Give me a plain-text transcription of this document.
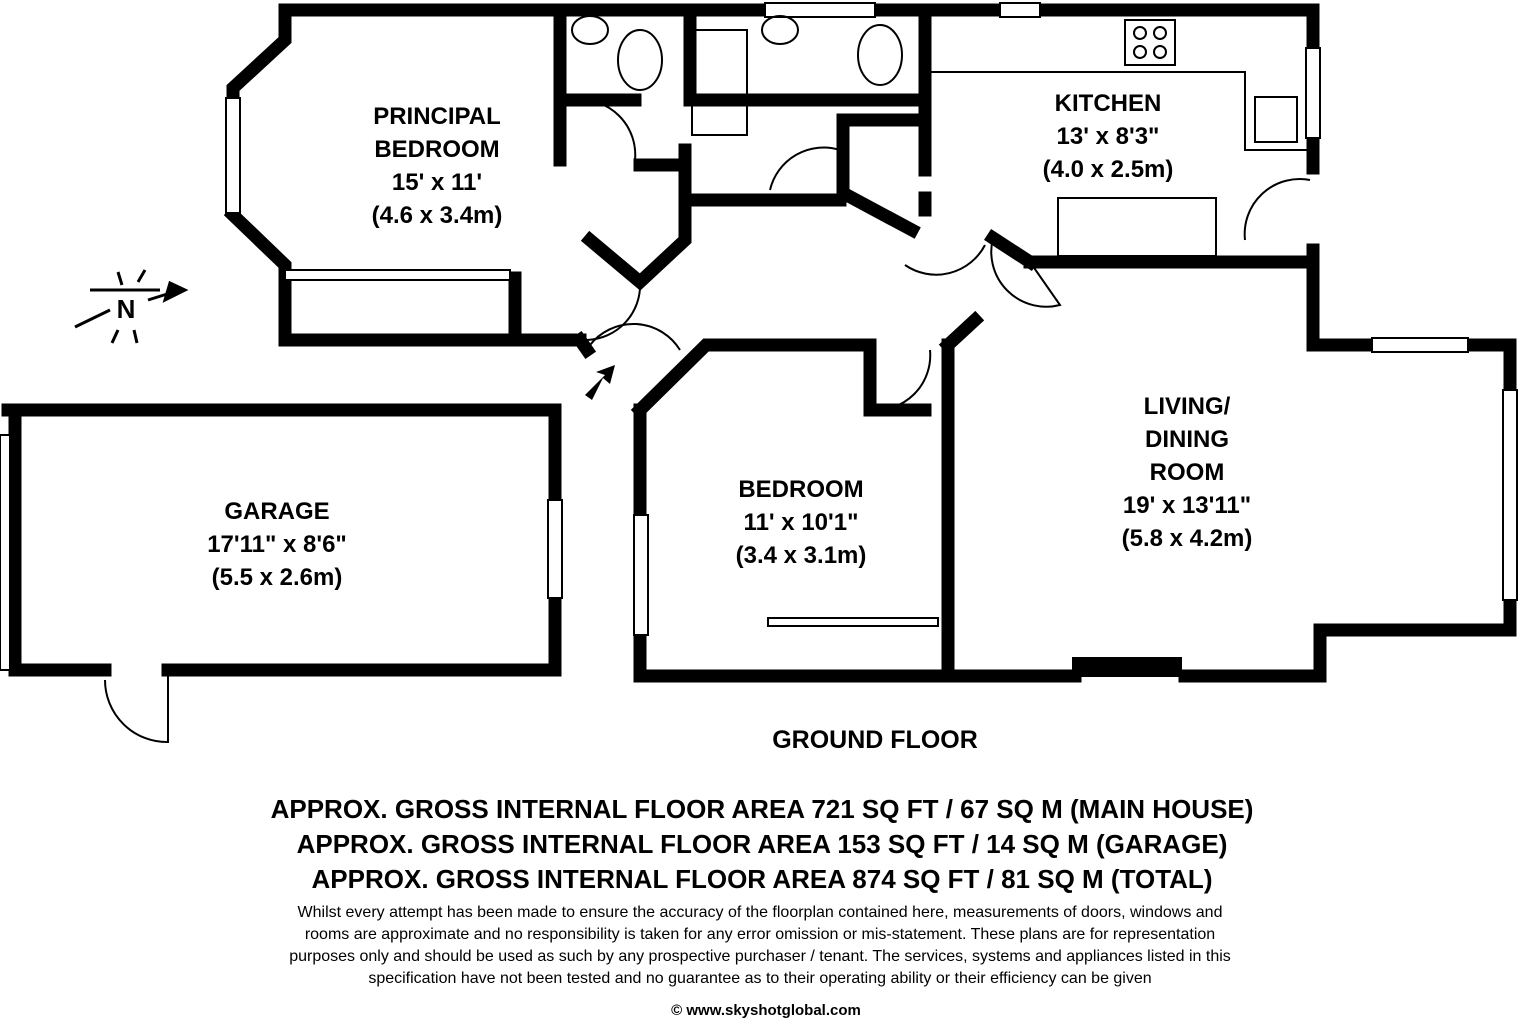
N
PRINCIPAL
BEDROOM
15' x 11'
(4.6 x 3.4m)
KITCHEN
13' x 8'3"
(4.0 x 2.5m)
LIVING/
DINING
ROOM
19' x 13'11"
(5.8 x 4.2m)
BEDROOM
11' x 10'1"
(3.4 x 3.1m)
GARAGE
17'11" x 8'6"
(5.5 x 2.6m)
GROUND FLOOR
APPROX. GROSS INTERNAL FLOOR AREA 721 SQ FT / 67 SQ M (MAIN HOUSE)
APPROX. GROSS INTERNAL FLOOR AREA 153 SQ FT / 14 SQ M (GARAGE)
APPROX. GROSS INTERNAL FLOOR AREA 874 SQ FT / 81 SQ M (TOTAL)
Whilst every attempt has been made to ensure the accuracy of the floorplan contained here, measurements of doors, windows and
rooms are approximate and no responsibility is taken for any error omission or mis-statement. These plans are for representation
purposes only and should be used as such by any prospective purchaser / tenant. The services, systems and appliances listed in this
specification have not been tested and no guarantee as to their operating ability or their efficiency can be given
© www.skyshotglobal.com
